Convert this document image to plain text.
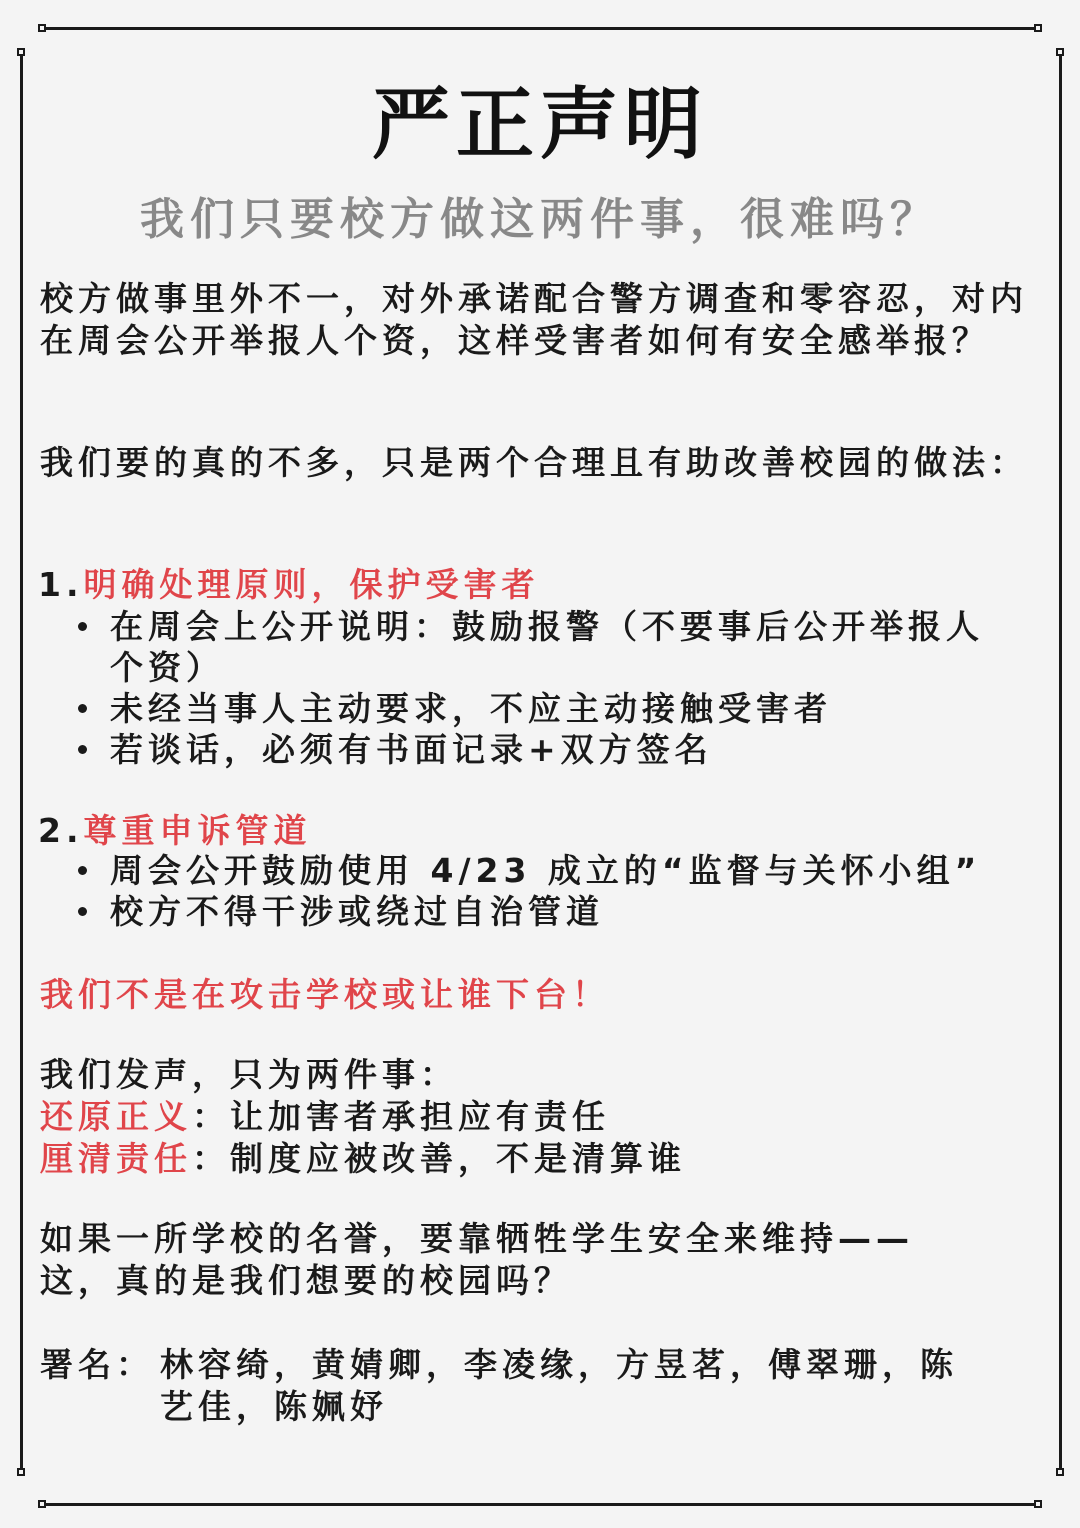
严正声明
我们只要校方做这两件事，很难吗？

校方做事里外不一，对外承诺配合警方调查和零容忍，对内在周会公开举报人个资，这样受害者如何有安全感举报？

我们要的真的不多，只是两个合理且有助改善校园的做法：

1.明确处理原则，保护受害者
在周会上公开说明：鼓励报警（不要事后公开举报人个资）
未经当事人主动要求，不应主动接触受害者
若谈话，必须有书面记录+双方签名
2.尊重申诉管道
周会公开鼓励使用 4/23 成立的“监督与关怀小组”
校方不得干涉或绕过自治管道

我们不是在攻击学校或让谁下台！

我们发声，只为两件事：

还原正义：让加害者承担应有责任

厘清责任：制度应被改善，不是清算谁

如果一所学校的名誉，要靠牺牲学生安全来维持——这，真的是我们想要的校园吗？

署名： 林容绮，黄婧卿，李凌缘，方昱茗，傅翠珊，陈艺佳，陈姵妤
